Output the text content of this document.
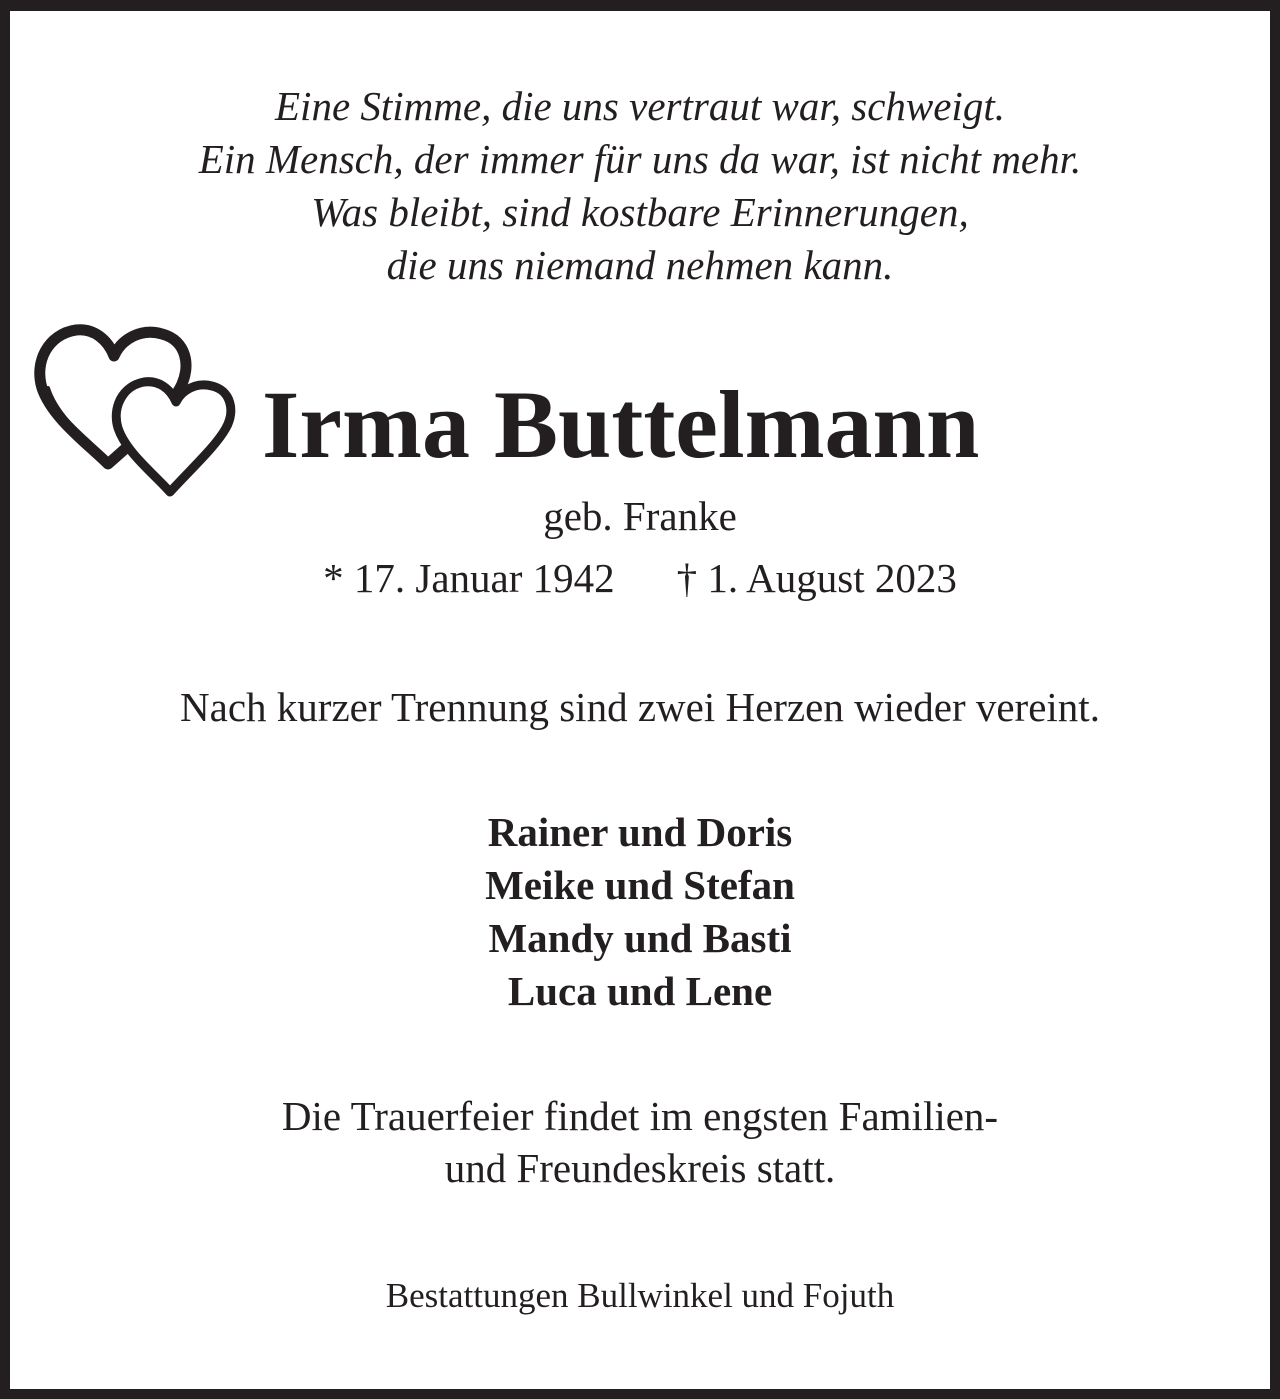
Eine Stimme, die uns vertraut war, schweigt.
Ein Mensch, der immer für uns da war, ist nicht mehr.
Was bleibt, sind kostbare Erinnerungen,
die uns niemand nehmen kann.
Irma Buttelmann
geb. Franke
* 17. Januar 1942 † 1. August 2023
Nach kurzer Trennung sind zwei Herzen wieder vereint.
Rainer und Doris
Meike und Stefan
Mandy und Basti
Luca und Lene
Die Trauerfeier findet im engsten Familien-
und Freundeskreis statt.
Bestattungen Bullwinkel und Fojuth
